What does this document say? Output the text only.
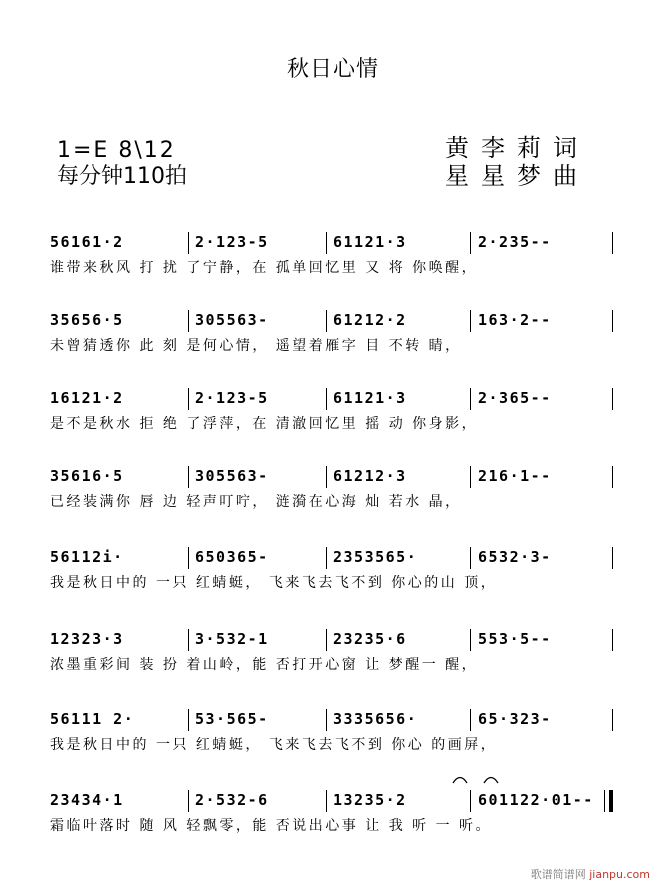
秋日心情
1=E 8\12
每分钟110拍
黄李莉词
星星梦曲
56161·2	2·123-5	61121·3	2·235--
谁带来秋风 打 扰 了宁静，在 孤单回忆里 又 将 你唤醒，
35656·5	305563-	61212·2	163·2--
未曾猜透你 此 刻 是何心情， 遥望着雁字 目 不转 睛，
16121·2	2·123-5	61121·3	2·365--
是不是秋水 拒 绝 了浮萍，在 清澈回忆里 摇 动 你身影，
35616·5	305563-	61212·3	216·1--
已经装满你 唇 边 轻声叮咛， 涟漪在心海 灿 若水 晶，
56112i·	650365-	2353565·	6532·3-
我是秋日中的 一只 红蜻蜓， 飞来飞去飞不到 你心的山 顶，
12323·3	3·532-1	23235·6	553·5--
浓墨重彩间 装 扮 着山岭，能 否打开心窗 让 梦醒一 醒，
56111 2·	53·565-	3335656·	65·323-
我是秋日中的 一只 红蜻蜓， 飞来飞去飞不到 你心 的画屏，
23434·1	2·532-6	13235·2	601122·01--
霜临叶落时 随 风 轻飘零，能 否说出心事 让 我 听 一 听。
歌谱简谱网 jianpu.com
